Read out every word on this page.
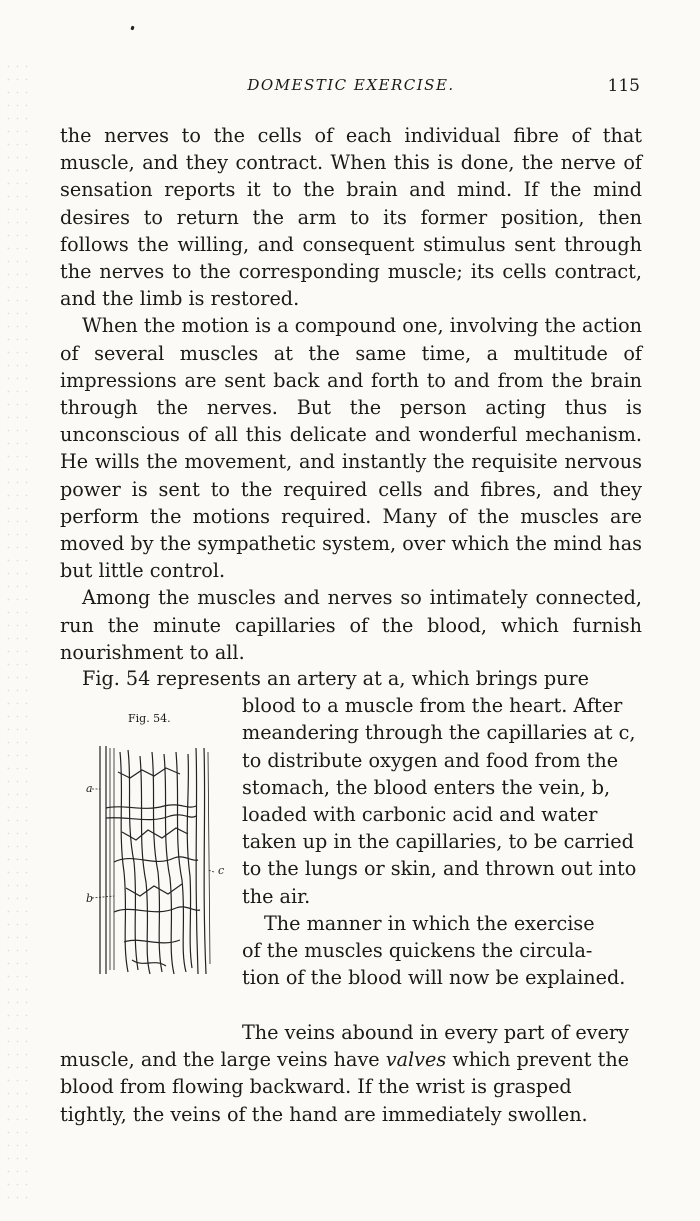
DOMESTIC EXERCISE.	115

the nerves to the cells of each individual fibre of that muscle, and they contract. When this is done, the nerve of sensation reports it to the brain and mind. If the mind desires to return the arm to its former position, then follows the willing, and consequent stimulus sent through the nerves to the corresponding muscle; its cells contract, and the limb is restored.

When the motion is a compound one, involving the action of several muscles at the same time, a multitude of impressions are sent back and forth to and from the brain through the nerves. But the person acting thus is unconscious of all this delicate and wonderful mechanism. He wills the movement, and instantly the requisite nervous power is sent to the required cells and fibres, and they perform the motions required. Many of the muscles are moved by the sympathetic system, over which the mind has but little control.

Among the muscles and nerves so intimately connected, run the minute capillaries of the blood, which furnish nourishment to all.

Fig. 54 represents an artery at a, which brings pure
blood to a muscle from the heart. After
meandering through the capillaries at c,
to distribute oxygen and food from the
stomach, the blood enters the vein, b,
loaded with carbonic acid and water
taken up in the capillaries, to be carried
to the lungs or skin, and thrown out into
the air.
The manner in which the exercise
of the muscles quickens the circula-
tion of the blood will now be explained.

The veins abound in every part of every

muscle, and the large veins have valves which prevent the

blood from flowing backward. If the wrist is grasped

tightly, the veins of the hand are immediately swollen.

Fig. 54.
a
b
c
